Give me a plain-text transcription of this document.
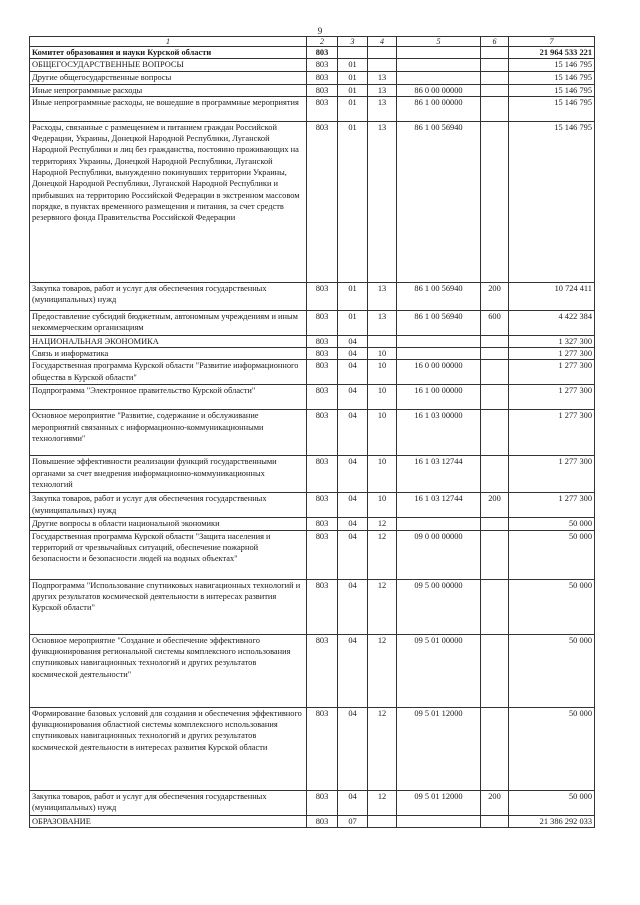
9
1	2	3	4	5	6	7
Комитет образования и науки Курской области	803					21 964 533 221
ОБЩЕГОСУДАРСТВЕННЫЕ ВОПРОСЫ	803	01				15 146 795
Другие общегосударственные вопросы	803	01	13			15 146 795
Иные непрограммные расходы	803	01	13	86 0 00 00000		15 146 795
Иные непрограммные расходы, не вошедшие в программные мероприятия	803	01	13	86 1 00 00000		15 146 795
Расходы, связанные с размещением и питанием граждан Российской Федерации, Украины, Донецкой Народной Республики, Луганской Народной Республики и лиц без гражданства, постоянно проживающих на территориях Украины, Донецкой Народной Республики, Луганской Народной Республики, вынужденно покинувших территории Украины, Донецкой Народной Республики, Луганской Народной Республики и прибывших на территорию Российской Федерации в экстренном массовом порядке, в пунктах временного размещения и питания, за счет средств резервного фонда Правительства Российской Федерации	803	01	13	86 1 00 56940		15 146 795
Закупка товаров, работ и услуг для обеспечения государственных (муниципальных) нужд	803	01	13	86 1 00 56940	200	10 724 411
Предоставление субсидий бюджетным, автономным учреждениям и иным некоммерческим организациям	803	01	13	86 1 00 56940	600	4 422 384
НАЦИОНАЛЬНАЯ ЭКОНОМИКА	803	04				1 327 300
Связь и информатика	803	04	10			1 277 300
Государственная программа Курской области "Развитие информационного общества в Курской области"	803	04	10	16 0 00 00000		1 277 300
Подпрограмма "Электронное правительство Курской области"	803	04	10	16 1 00 00000		1 277 300
Основное мероприятие "Развитие, содержание и обслуживание мероприятий связанных с информационно-коммуникационными технологиями"	803	04	10	16 1 03 00000		1 277 300
Повышение эффективности реализации функций государственными органами за счет внедрения информационно-коммуникационных технологий	803	04	10	16 1 03 12744		1 277 300
Закупка товаров, работ и услуг для обеспечения государственных (муниципальных) нужд	803	04	10	16 1 03 12744	200	1 277 300
Другие вопросы в области национальной экономики	803	04	12			50 000
Государственная программа Курской области "Защита населения и территорий от чрезвычайных ситуаций, обеспечение пожарной безопасности и безопасности людей на водных объектах"	803	04	12	09 0 00 00000		50 000
Подпрограмма "Использование спутниковых навигационных технологий и других результатов космической деятельности в интересах развития Курской области"	803	04	12	09 5 00 00000		50 000
Основное мероприятие "Создание и обеспечение эффективного функционирования региональной системы комплексного использования спутниковых навигационных технологий и других результатов космической деятельности"	803	04	12	09 5 01 00000		50 000
Формирование базовых условий для создания и обеспечения эффективного функционирования областной системы комплексного использования спутниковых навигационных технологий и других результатов космической деятельности в интересах развития Курской области	803	04	12	09 5 01 12000		50 000
Закупка товаров, работ и услуг для обеспечения государственных (муниципальных) нужд	803	04	12	09 5 01 12000	200	50 000
ОБРАЗОВАНИЕ	803	07				21 386 292 033
